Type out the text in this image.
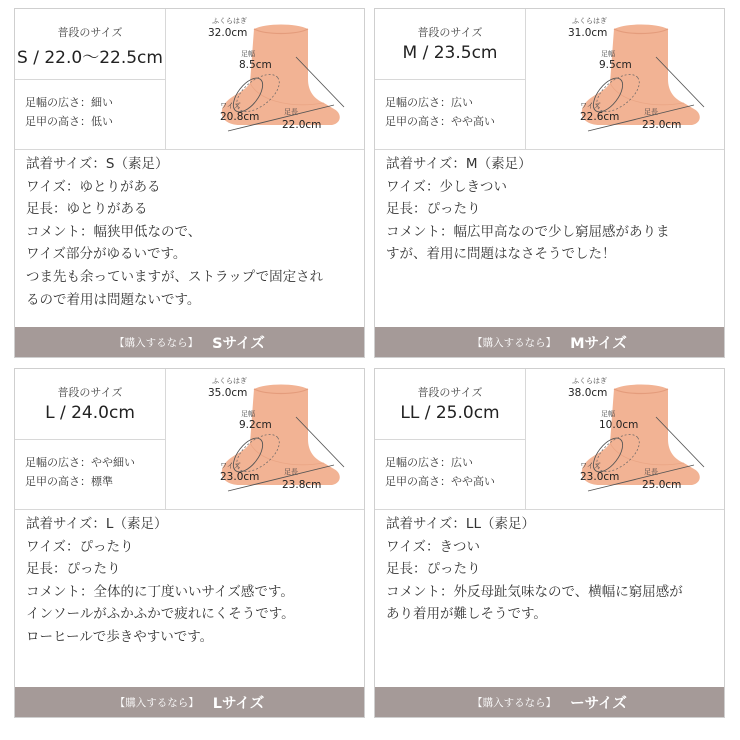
普段のサイズ
S / 22.0〜22.5cm
足幅の広さ：細い
足甲の高さ：低い
ふくらはぎ
32.0cm
足幅
8.5cm
ワイズ
20.8cm	足長
22.0cm
試着サイズ：S（素足）
ワイズ：ゆとりがある
足長：ゆとりがある
コメント：幅狭甲低なので、
ワイズ部分がゆるいです。
つま先も余っていますが、ストラップで固定され
るので着用は問題ないです。
【購入するなら】 Sサイズ
普段のサイズ
M / 23.5cm
足幅の広さ：広い
足甲の高さ：やや高い
ふくらはぎ
31.0cm
足幅
9.5cm
ワイズ
22.6cm	足長
23.0cm
試着サイズ：M（素足）
ワイズ：少しきつい
足長：ぴったり
コメント：幅広甲高なので少し窮屈感がありま
すが、着用に問題はなさそうでした！
【購入するなら】 Mサイズ
普段のサイズ
L / 24.0cm
足幅の広さ：やや細い
足甲の高さ：標準
ふくらはぎ
35.0cm
足幅
9.2cm
ワイズ
23.0cm	足長
23.8cm
試着サイズ：L（素足）
ワイズ：ぴったり
足長：ぴったり
コメント：全体的に丁度いいサイズ感です。
インソールがふかふかで疲れにくそうです。
ローヒールで歩きやすいです。
【購入するなら】 Lサイズ
普段のサイズ
LL / 25.0cm
足幅の広さ：広い
足甲の高さ：やや高い
ふくらはぎ
38.0cm
足幅
10.0cm
ワイズ
23.0cm	足長
25.0cm
試着サイズ：LL（素足）
ワイズ：きつい
足長：ぴったり
コメント：外反母趾気味なので、横幅に窮屈感が
あり着用が難しそうです。
【購入するなら】 ーサイズ
